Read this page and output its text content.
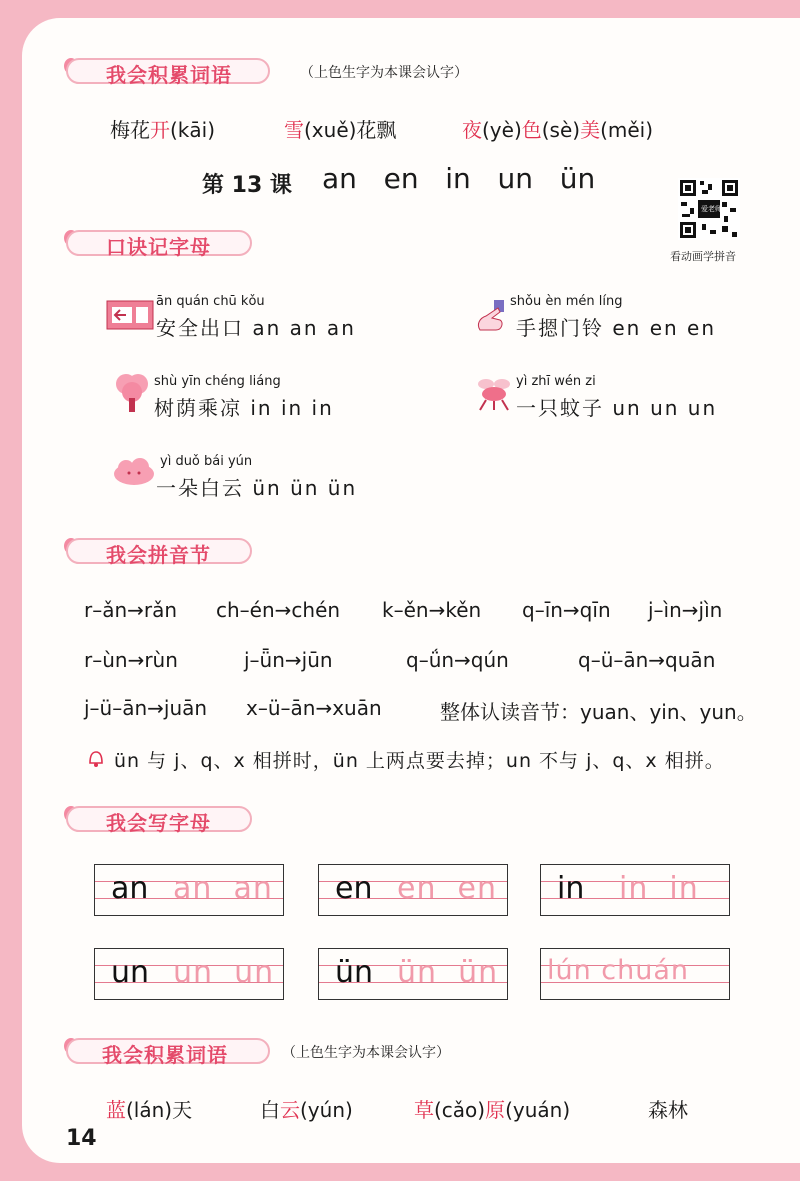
我会积累词语	（上色生字为本课会认字）
梅花开(kāi)	雪(xuě)花飘	夜(yè)色(sè)美(měi)
第 13 课 an   en   in   un   ün
爱老师
看动画学拼音
口诀记字母
ān quán chū kǒu
安全出口 an an an
shǒu èn mén líng
手摁门铃 en en en
shù yīn chéng liáng
树荫乘凉 in in in
yì zhī wén zi
一只蚊子 un un un
yì duǒ bái yún
一朵白云 ün ün ün
我会拼音节
r–ǎn→rǎn ch–én→chén k–ěn→kěn q–īn→qīn j–ìn→jìn
r–ùn→rùn	j–ǖn→jūn	q–ǘn→qún	q–ü–ān→quān
j–ü–ān→juān x–ü–ān→xuān	整体认读音节：yuan、yin、yun。
ün 与 j、q、x 相拼时，ün 上两点要去掉；un 不与 j、q、x 相拼。
我会写字母
an an  an en en  en in in  in
un un  un ün ün  ün lún chuán
我会积累词语	（上色生字为本课会认字）
蓝(lán)天	白云(yún)	草(cǎo)原(yuán)	森林
14
